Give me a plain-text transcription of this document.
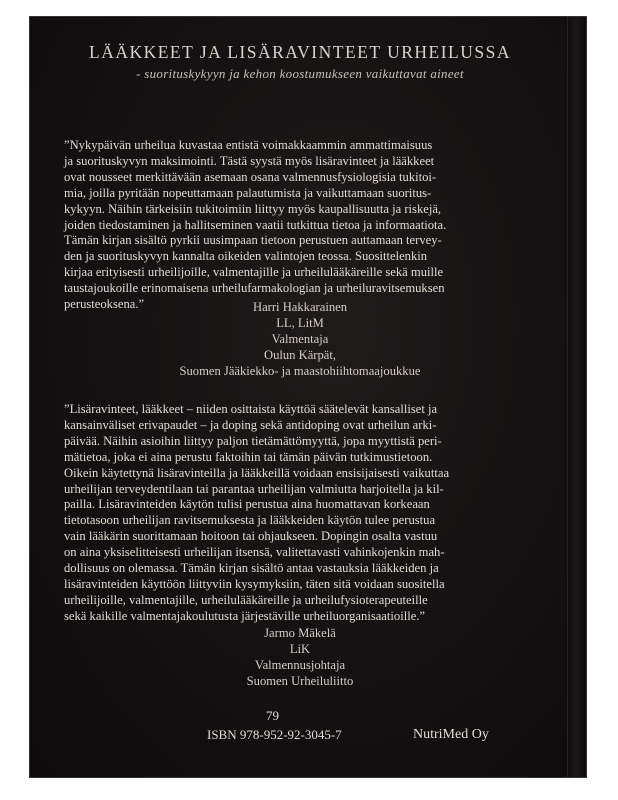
LÄÄKKEET JA LISÄRAVINTEET URHEILUSSA
- suorituskykyyn ja kehon koostumukseen vaikuttavat aineet
”Nykypäivän urheilua kuvastaa entistä voimakkaammin ammattimaisuus
ja suorituskyvyn maksimointi. Tästä syystä myös lisäravinteet ja lääkkeet
ovat nousseet merkittävään asemaan osana valmennusfysiologisia tukitoi-
mia, joilla pyritään nopeuttamaan palautumista ja vaikuttamaan suoritus-
kykyyn. Näihin tärkeisiin tukitoimiin liittyy myös kaupallisuutta ja riskejä,
joiden tiedostaminen ja hallitseminen vaatii tutkittua tietoa ja informaatiota.
Tämän kirjan sisältö pyrkii uusimpaan tietoon perustuen auttamaan tervey-
den ja suorituskyvyn kannalta oikeiden valintojen teossa. Suosittelenkin
kirjaa erityisesti urheilijoille, valmentajille ja urheilulääkäreille sekä muille
taustajoukoille erinomaisena urheilufarmakologian ja urheiluravitsemuksen
perusteoksena.”	Harri Hakkarainen
LL, LitM
Valmentaja
Oulun Kärpät,
Suomen Jääkiekko- ja maastohiihtomaajoukkue
”Lisäravinteet, lääkkeet – niiden osittaista käyttöä säätelevät kansalliset ja
kansainväliset erivapaudet – ja doping sekä antidoping ovat urheilun arki-
päivää. Näihin asioihin liittyy paljon tietämättömyyttä, jopa myyttistä peri-
mätietoa, joka ei aina perustu faktoihin tai tämän päivän tutkimustietoon.
Oikein käytettynä lisäravinteilla ja lääkkeillä voidaan ensisijaisesti vaikuttaa
urheilijan terveydentilaan tai parantaa urheilijan valmiutta harjoitella ja kil-
pailla. Lisäravinteiden käytön tulisi perustua aina huomattavan korkeaan
tietotasoon urheilijan ravitsemuksesta ja lääkkeiden käytön tulee perustua
vain lääkärin suorittamaan hoitoon tai ohjaukseen. Dopingin osalta vastuu
on aina yksiselitteisesti urheilijan itsensä, valitettavasti vahinkojenkin mah-
dollisuus on olemassa. Tämän kirjan sisältö antaa vastauksia lääkkeiden ja
lisäravinteiden käyttöön liittyviin kysymyksiin, täten sitä voidaan suositella
urheilijoille, valmentajille, urheilulääkäreille ja urheilufysioterapeuteille
sekä kaikille valmentajakoulutusta järjestäville urheiluorganisaatioille.”
Jarmo Mäkelä
LiK
Valmennusjohtaja
Suomen Urheiluliitto
79
ISBN 978-952-92-3045-7	NutriMed Oy
